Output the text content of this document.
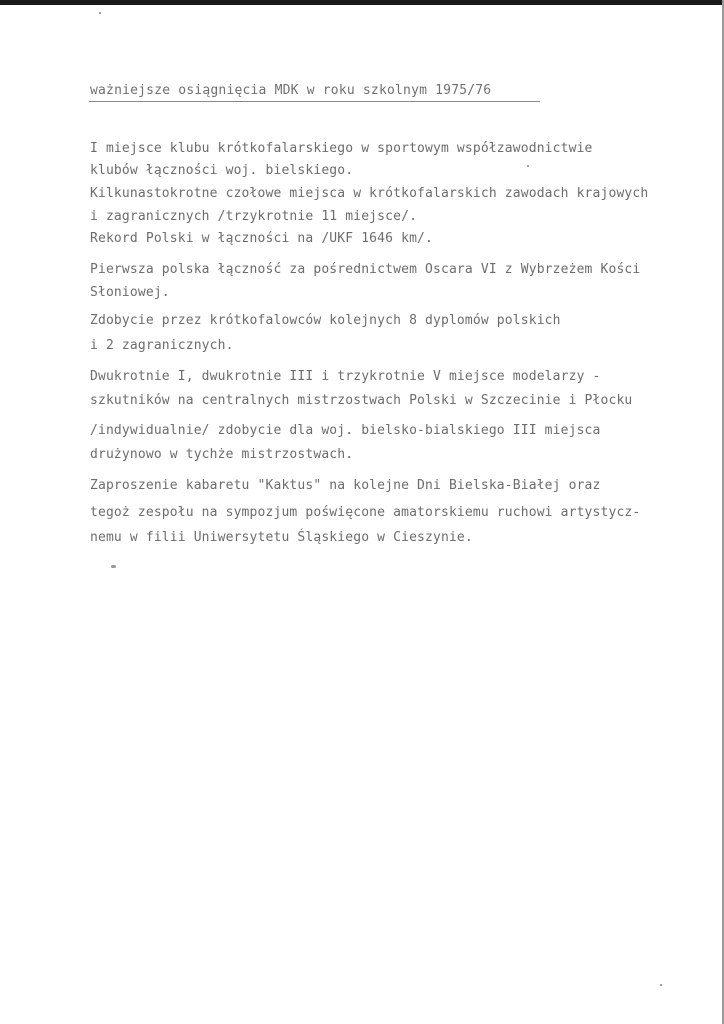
ważniejsze osiągnięcia MDK w roku szkolnym 1975/76
I miejsce klubu krótkofalarskiego w sportowym współzawodnictwie
klubów łączności woj. bielskiego.
Kilkunastokrotne czołowe miejsca w krótkofalarskich zawodach krajowych
i zagranicznych /trzykrotnie 11 miejsce/.
Rekord Polski w łączności na /UKF 1646 km/.
Pierwsza polska łączność za pośrednictwem Oscara VI z Wybrzeżem Kości
Słoniowej.
Zdobycie przez krótkofalowców kolejnych 8 dyplomów polskich
i 2 zagranicznych.
Dwukrotnie I, dwukrotnie III i trzykrotnie V miejsce modelarzy -
szkutników na centralnych mistrzostwach Polski w Szczecinie i Płocku
/indywidualnie/ zdobycie dla woj. bielsko-bialskiego III miejsca
drużynowo w tychże mistrzostwach.
Zaproszenie kabaretu "Kaktus" na kolejne Dni Bielska-Białej oraz
tegoż zespołu na sympozjum poświęcone amatorskiemu ruchowi artystycz-
nemu w filii Uniwersytetu Śląskiego w Cieszynie.
